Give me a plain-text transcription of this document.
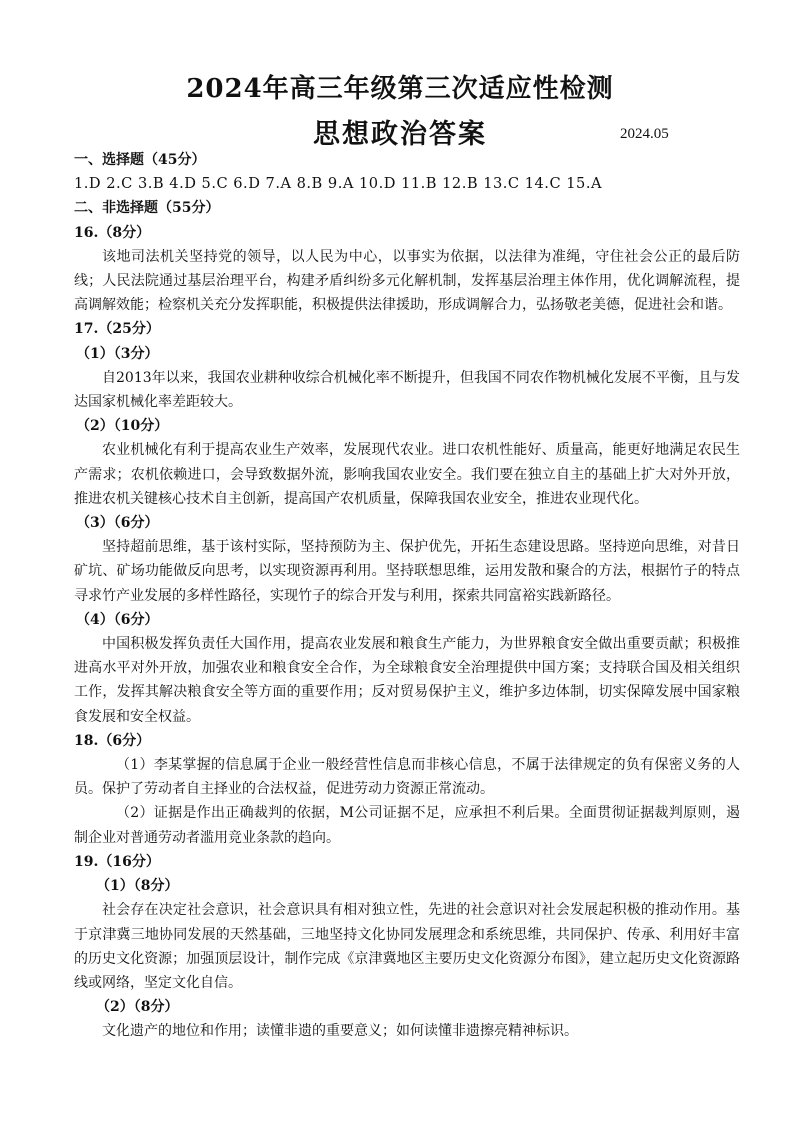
2024年高三年级第三次适应性检测
思想政治答案	2024.05

一、选择题（45分）

1.D 2.C 3.B 4.D 5.C 6.D 7.A 8.B 9.A 10.D 11.B 12.B 13.C 14.C 15.A

二、非选择题（55分）

16.（8分）

该地司法机关坚持党的领导，以人民为中心，以事实为依据，以法律为准绳，守住社会公正的最后防线；人民法院通过基层治理平台，构建矛盾纠纷多元化解机制，发挥基层治理主体作用，优化调解流程，提高调解效能；检察机关充分发挥职能，积极提供法律援助，形成调解合力，弘扬敬老美德，促进社会和谐。

17.（25分）

（1）（3分）

自2013年以来，我国农业耕种收综合机械化率不断提升，但我国不同农作物机械化发展不平衡，且与发达国家机械化率差距较大。

（2）（10分）

农业机械化有利于提高农业生产效率，发展现代农业。进口农机性能好、质量高，能更好地满足农民生产需求；农机依赖进口，会导致数据外流，影响我国农业安全。我们要在独立自主的基础上扩大对外开放，推进农机关键核心技术自主创新，提高国产农机质量，保障我国农业安全，推进农业现代化。

（3）（6分）

坚持超前思维，基于该村实际，坚持预防为主、保护优先，开拓生态建设思路。坚持逆向思维，对昔日矿坑、矿场功能做反向思考，以实现资源再利用。坚持联想思维，运用发散和聚合的方法，根据竹子的特点寻求竹产业发展的多样性路径，实现竹子的综合开发与利用，探索共同富裕实践新路径。

（4）（6分）

中国积极发挥负责任大国作用，提高农业发展和粮食生产能力，为世界粮食安全做出重要贡献；积极推进高水平对外开放，加强农业和粮食安全合作，为全球粮食安全治理提供中国方案；支持联合国及相关组织工作，发挥其解决粮食安全等方面的重要作用；反对贸易保护主义，维护多边体制，切实保障发展中国家粮食发展和安全权益。

18.（6分）

（1）李某掌握的信息属于企业一般经营性信息而非核心信息，不属于法律规定的负有保密义务的人员。保护了劳动者自主择业的合法权益，促进劳动力资源正常流动。

（2）证据是作出正确裁判的依据，M公司证据不足，应承担不利后果。全面贯彻证据裁判原则，遏制企业对普通劳动者滥用竞业条款的趋向。

19.（16分）

（1）（8分）

社会存在决定社会意识，社会意识具有相对独立性，先进的社会意识对社会发展起积极的推动作用。基于京津冀三地协同发展的天然基础，三地坚持文化协同发展理念和系统思维，共同保护、传承、利用好丰富的历史文化资源；加强顶层设计，制作完成《京津冀地区主要历史文化资源分布图》，建立起历史文化资源路线或网络，坚定文化自信。

（2）（8分）

文化遗产的地位和作用；读懂非遗的重要意义；如何读懂非遗擦亮精神标识。
